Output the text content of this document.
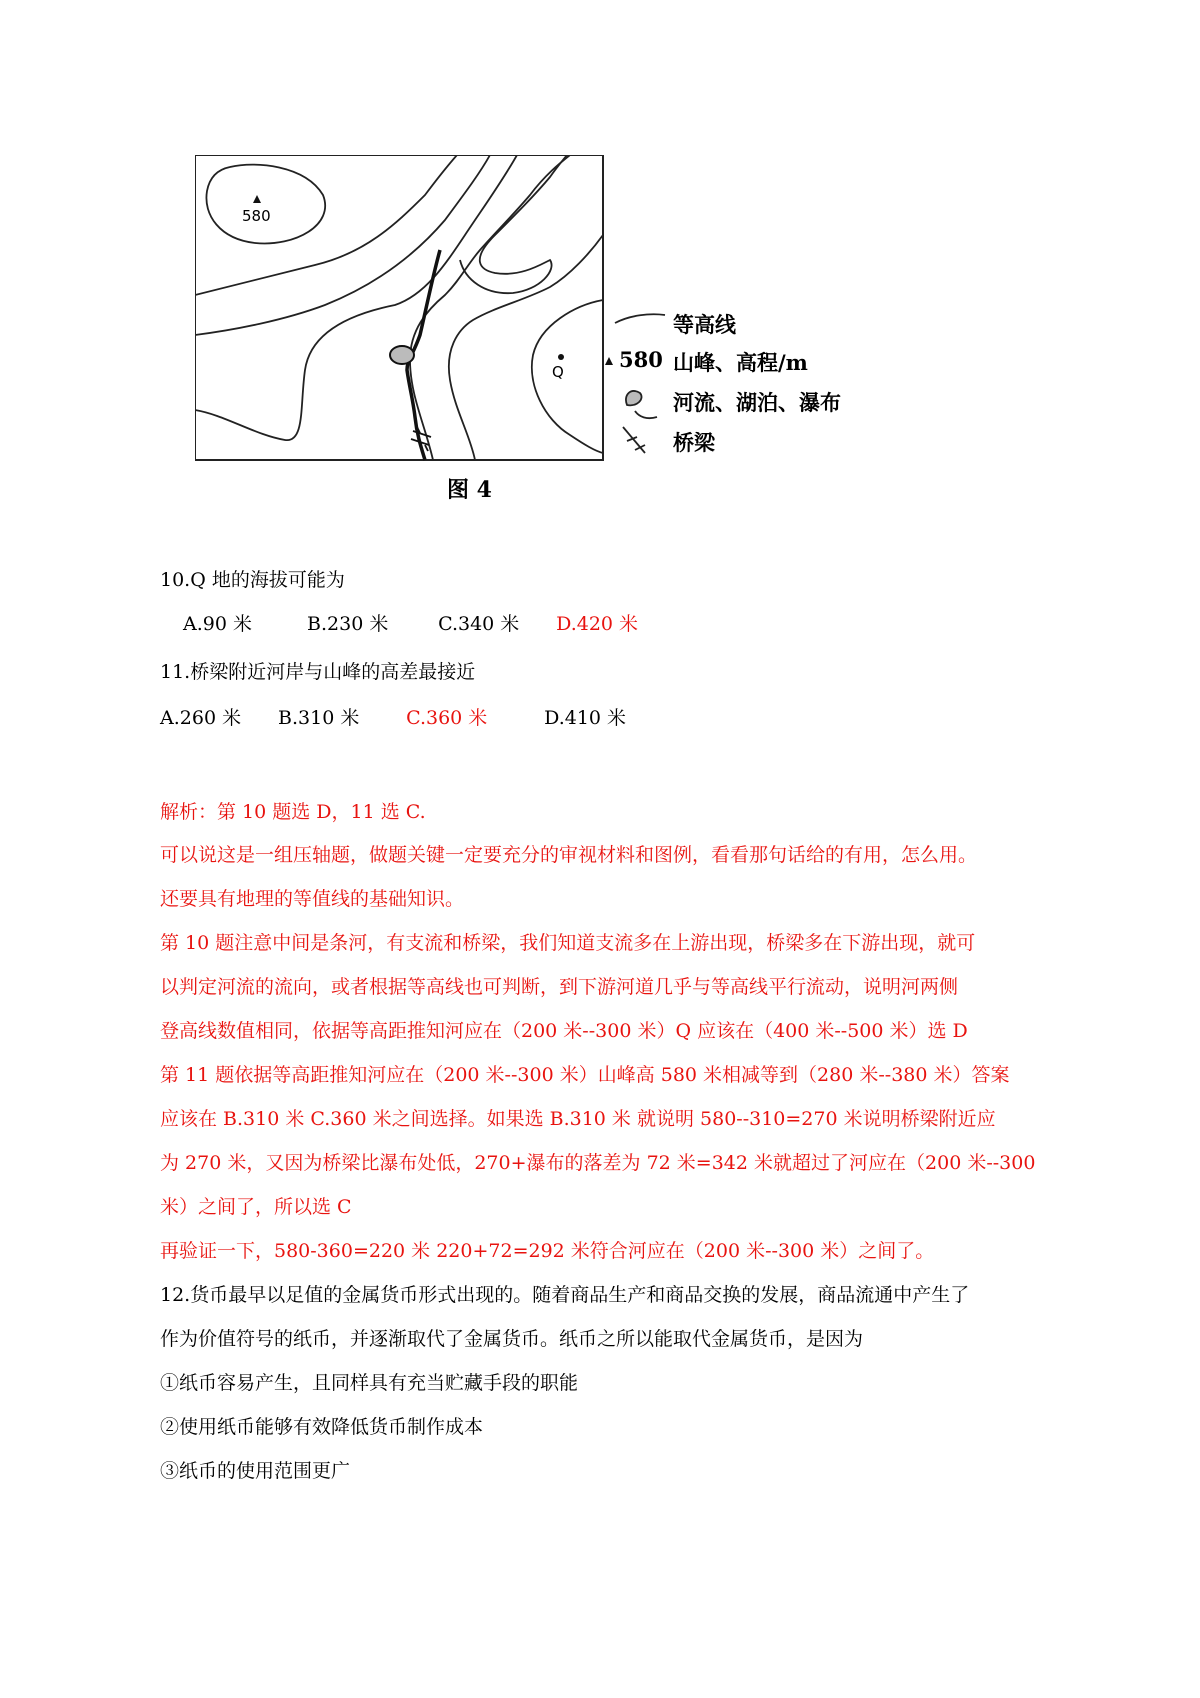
580
Q
等高线
580 山峰、高程/m
河流、湖泊、瀑布
桥梁
图 4
10.Q 地的海拔可能为
A.90 米	B.230 米	C.340 米 D.420 米
11.桥梁附近河岸与山峰的高差最接近
A.260 米 B.310 米 C.360 米	D.410 米
解析：第 10 题选 D，11 选 C.
可以说这是一组压轴题，做题关键一定要充分的审视材料和图例，看看那句话给的有用，怎么用。
还要具有地理的等值线的基础知识。
第 10 题注意中间是条河，有支流和桥梁，我们知道支流多在上游出现，桥梁多在下游出现，就可
以判定河流的流向，或者根据等高线也可判断，到下游河道几乎与等高线平行流动，说明河两侧
登高线数值相同，依据等高距推知河应在（200 米--300 米）Q 应该在（400 米--500 米）选 D
第 11 题依据等高距推知河应在（200 米--300 米）山峰高 580 米相减等到（280 米--380 米）答案
应该在 B.310 米 C.360 米之间选择。如果选 B.310 米 就说明 580--310=270 米说明桥梁附近应
为 270 米，又因为桥梁比瀑布处低，270+瀑布的落差为 72 米=342 米就超过了河应在（200 米--300
米）之间了，所以选 C
再验证一下，580-360=220 米 220+72=292 米符合河应在（200 米--300 米）之间了。
12.货币最早以足值的金属货币形式出现的。随着商品生产和商品交换的发展，商品流通中产生了
作为价值符号的纸币，并逐渐取代了金属货币。纸币之所以能取代金属货币，是因为
①纸币容易产生，且同样具有充当贮藏手段的职能
②使用纸币能够有效降低货币制作成本
③纸币的使用范围更广
